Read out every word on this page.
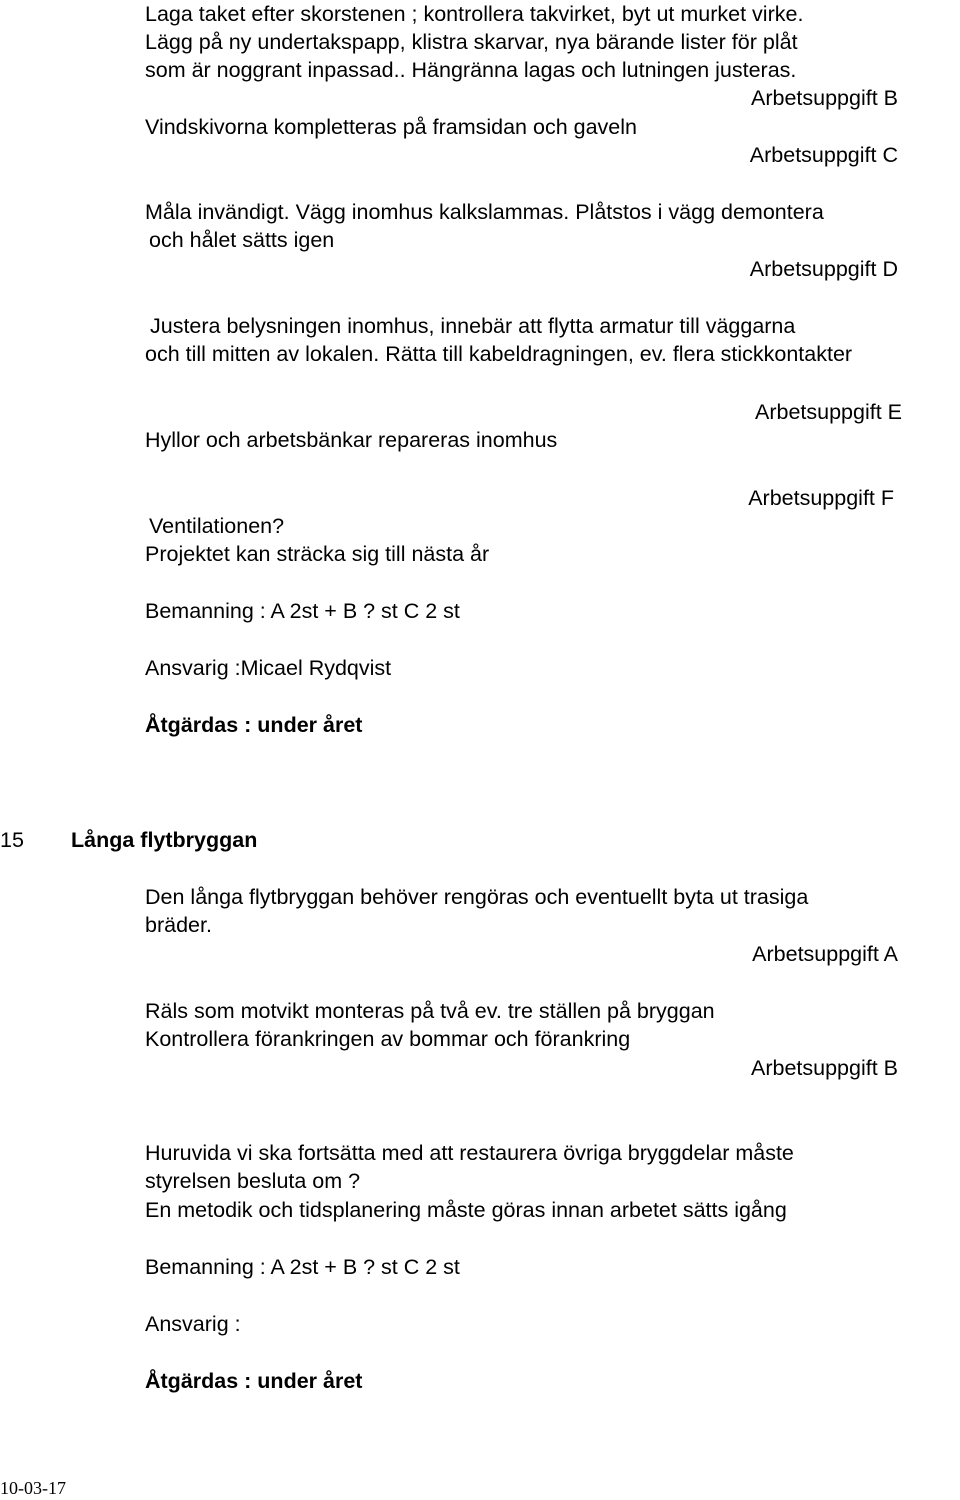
Laga taket efter skorstenen ; kontrollera takvirket, byt ut murket virke.

Lägg på ny undertakspapp, klistra skarvar, nya bärande lister för plåt

som är noggrant inpassad.. Hängränna lagas och lutningen justeras.

Arbetsuppgift B

Vindskivorna kompletteras på framsidan och gaveln

Arbetsuppgift C

Måla invändigt. Vägg inomhus kalkslammas. Plåtstos i vägg demontera

och hålet sätts igen

Arbetsuppgift D

Justera belysningen inomhus, innebär att flytta armatur till väggarna

och till mitten av lokalen. Rätta till kabeldragningen, ev. flera stickkontakter

Arbetsuppgift E

Hyllor och arbetsbänkar repareras inomhus

Arbetsuppgift F

Ventilationen?

Projektet kan sträcka sig till nästa år

Bemanning : A 2st + B ? st C 2 st

Ansvarig :Micael Rydqvist

Åtgärdas : under året

15 Långa flytbryggan

Den långa flytbryggan behöver rengöras och eventuellt byta ut trasiga

bräder.

Arbetsuppgift A

Räls som motvikt monteras på två ev. tre ställen på bryggan

Kontrollera förankringen av bommar och förankring

Arbetsuppgift B

Huruvida vi ska fortsätta med att restaurera övriga bryggdelar måste

styrelsen besluta om ?

En metodik och tidsplanering måste göras innan arbetet sätts igång

Bemanning : A 2st + B ? st C 2 st

Ansvarig :

Åtgärdas : under året

10-03-17
